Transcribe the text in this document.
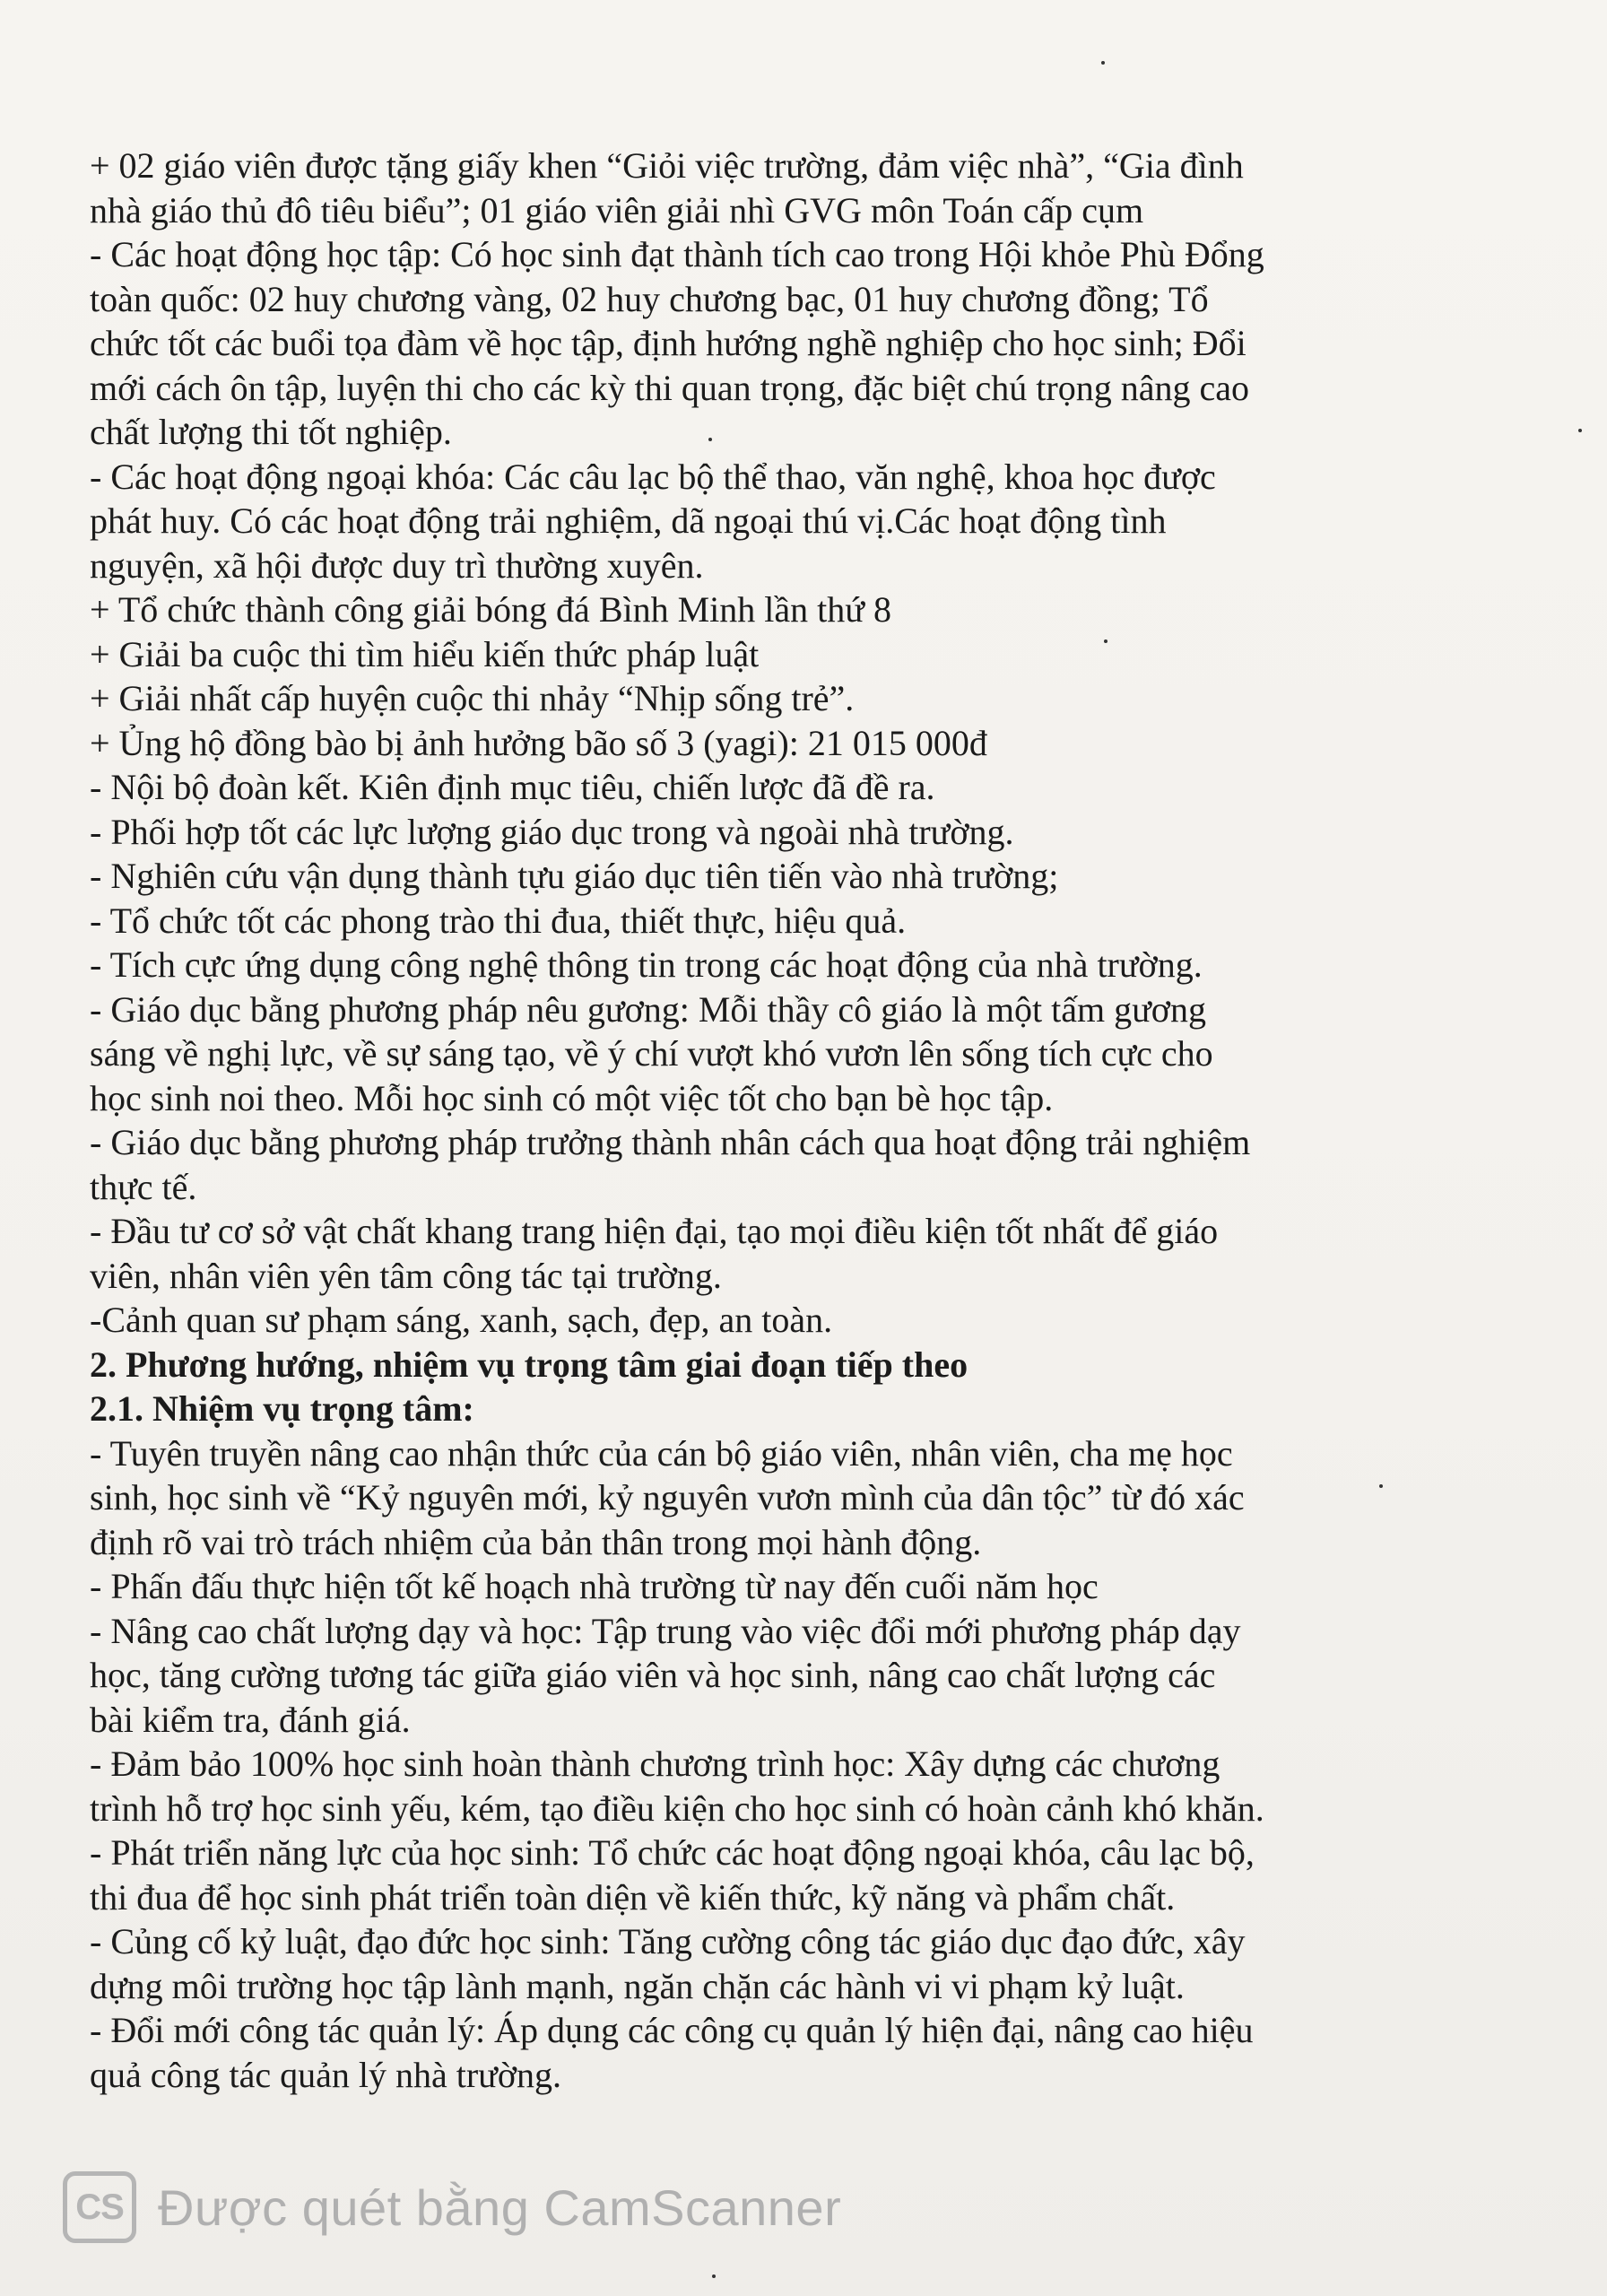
+ 02 giáo viên được tặng giấy khen “Giỏi việc trường, đảm việc nhà”, “Gia đình
nhà giáo thủ đô tiêu biểu”; 01 giáo viên giải nhì GVG môn Toán cấp cụm
- Các hoạt động học tập: Có học sinh đạt thành tích cao trong Hội khỏe Phù Đổng
toàn quốc: 02 huy chương vàng, 02 huy chương bạc, 01 huy chương đồng; Tổ
chức tốt các buổi tọa đàm về học tập, định hướng nghề nghiệp cho học sinh; Đổi
mới cách ôn tập, luyện thi cho các kỳ thi quan trọng, đặc biệt chú trọng nâng cao
chất lượng thi tốt nghiệp.
- Các hoạt động ngoại khóa: Các câu lạc bộ thể thao, văn nghệ, khoa học được
phát huy. Có các hoạt động trải nghiệm, dã ngoại thú vị.Các hoạt động tình
nguyện, xã hội được duy trì thường xuyên.
+ Tổ chức thành công giải bóng đá Bình Minh lần thứ 8
+ Giải ba cuộc thi tìm hiểu kiến thức pháp luật
+ Giải nhất cấp huyện cuộc thi nhảy “Nhịp sống trẻ”.
+ Ủng hộ đồng bào bị ảnh hưởng bão số 3 (yagi): 21 015 000đ
- Nội bộ đoàn kết. Kiên định mục tiêu, chiến lược đã đề ra.
- Phối hợp tốt các lực lượng giáo dục trong và ngoài nhà trường.
- Nghiên cứu vận dụng thành tựu giáo dục tiên tiến vào nhà trường;
- Tổ chức tốt các phong trào thi đua, thiết thực, hiệu quả.
- Tích cực ứng dụng công nghệ thông tin trong các hoạt động của nhà trường.
- Giáo dục bằng phương pháp nêu gương: Mỗi thầy cô giáo là một tấm gương
sáng về nghị lực, về sự sáng tạo, về ý chí vượt khó vươn lên sống tích cực cho
học sinh noi theo. Mỗi học sinh có một việc tốt cho bạn bè học tập.
- Giáo dục bằng phương pháp trưởng thành nhân cách qua hoạt động trải nghiệm
thực tế.
- Đầu tư cơ sở vật chất khang trang hiện đại, tạo mọi điều kiện tốt nhất để giáo
viên, nhân viên yên tâm công tác tại trường.
-Cảnh quan sư phạm sáng, xanh, sạch, đẹp, an toàn.
2. Phương hướng, nhiệm vụ trọng tâm giai đoạn tiếp theo
2.1. Nhiệm vụ trọng tâm:
- Tuyên truyền nâng cao nhận thức của cán bộ giáo viên, nhân viên, cha mẹ học
sinh, học sinh về “Kỷ nguyên mới, kỷ nguyên vươn mình của dân tộc” từ đó xác
định rõ vai trò trách nhiệm của bản thân trong mọi hành động.
- Phấn đấu thực hiện tốt kế hoạch nhà trường từ nay đến cuối năm học
- Nâng cao chất lượng dạy và học: Tập trung vào việc đổi mới phương pháp dạy
học, tăng cường tương tác giữa giáo viên và học sinh, nâng cao chất lượng các
bài kiểm tra, đánh giá.
- Đảm bảo 100% học sinh hoàn thành chương trình học: Xây dựng các chương
trình hỗ trợ học sinh yếu, kém, tạo điều kiện cho học sinh có hoàn cảnh khó khăn.
- Phát triển năng lực của học sinh: Tổ chức các hoạt động ngoại khóa, câu lạc bộ,
thi đua để học sinh phát triển toàn diện về kiến thức, kỹ năng và phẩm chất.
- Củng cố kỷ luật, đạo đức học sinh: Tăng cường công tác giáo dục đạo đức, xây
dựng môi trường học tập lành mạnh, ngăn chặn các hành vi vi phạm kỷ luật.
- Đổi mới công tác quản lý: Áp dụng các công cụ quản lý hiện đại, nâng cao hiệu
quả công tác quản lý nhà trường.
CS Được quét bằng CamScanner
